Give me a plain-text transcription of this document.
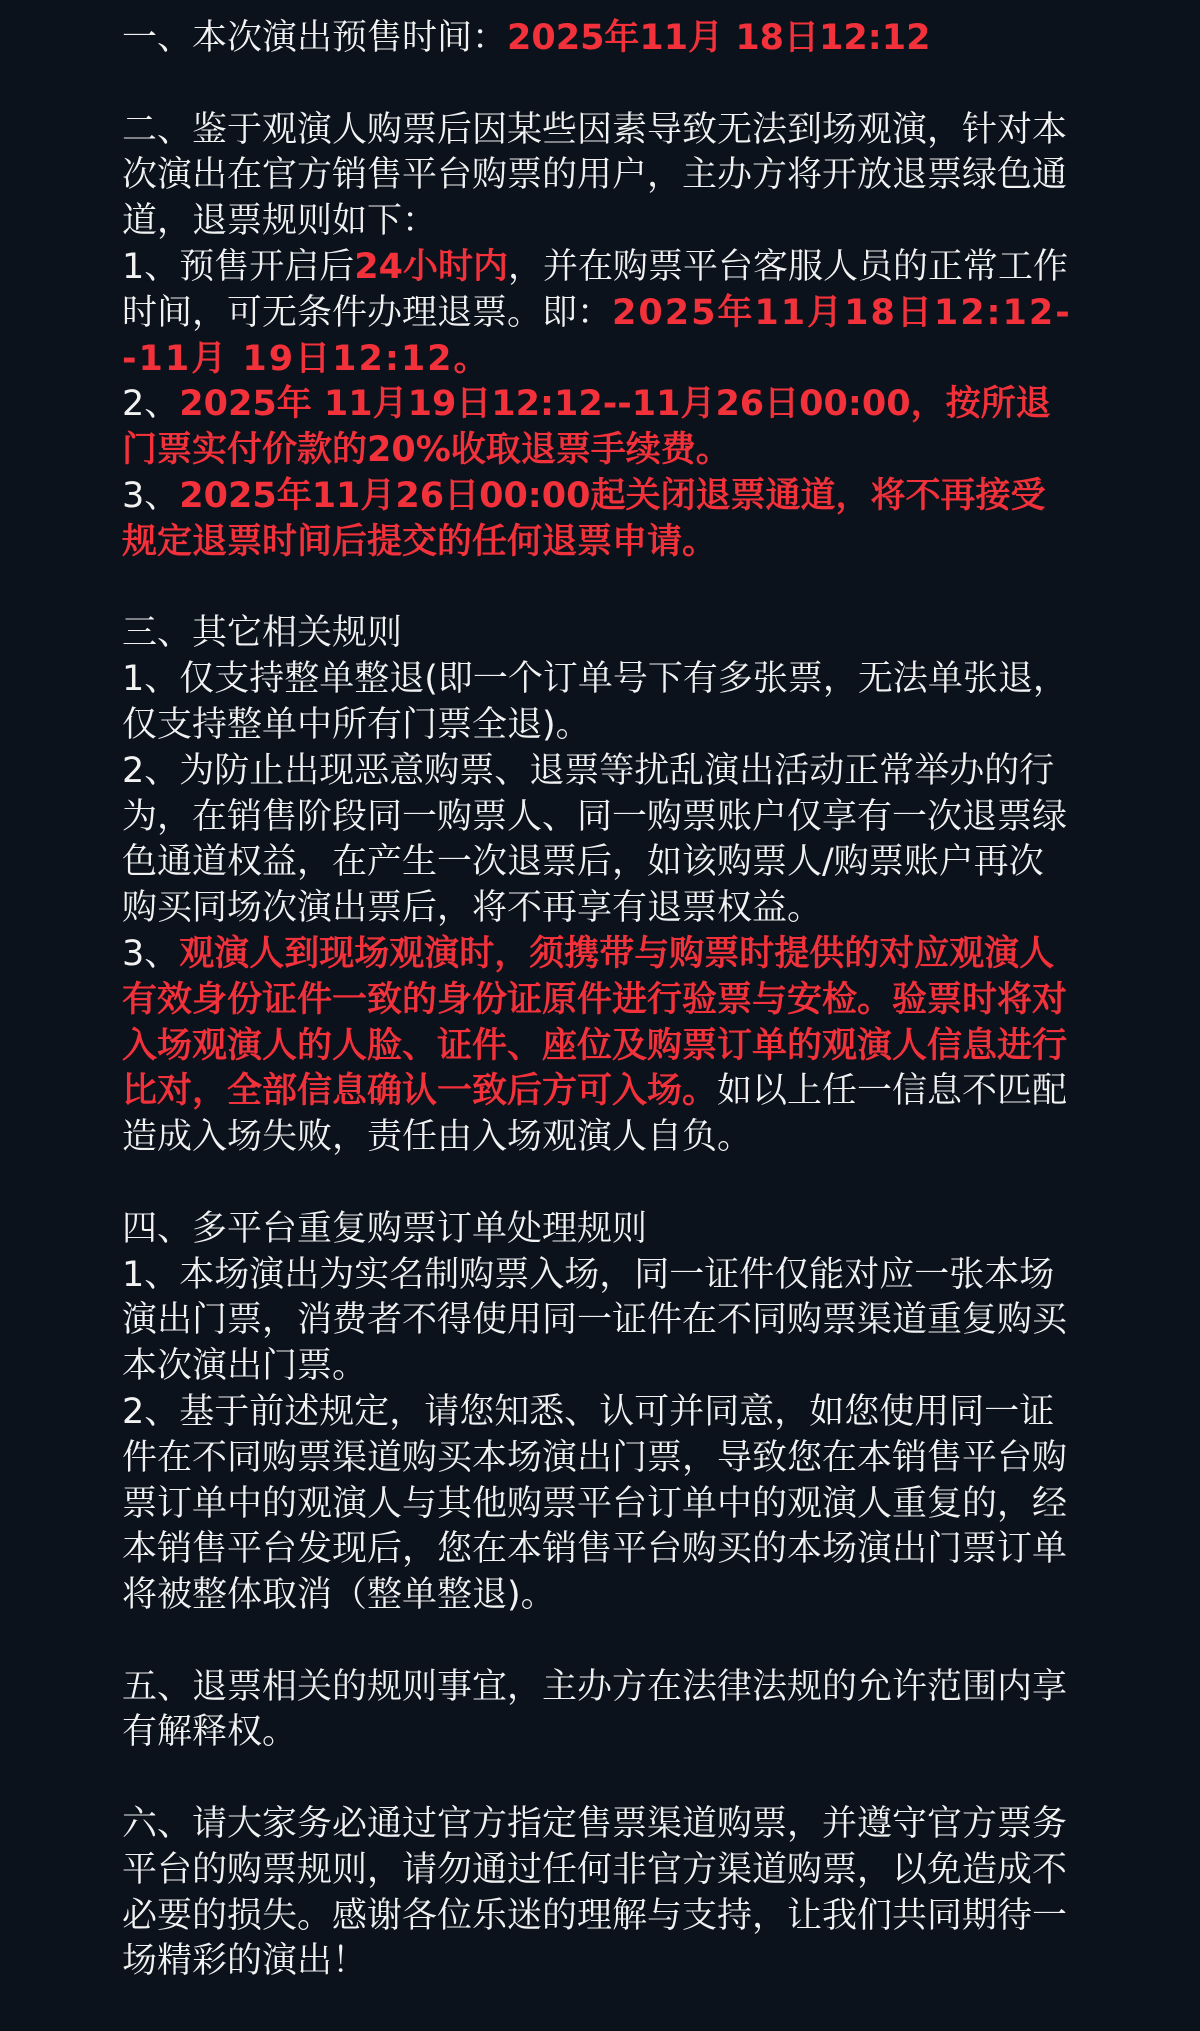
一、本次演出预售时间：2025年11月 18日12:12
二、鉴于观演人购票后因某些因素导致无法到场观演，针对本次演出在官方销售平台购票的用户，主办方将开放退票绿色通道，退票规则如下：
1、预售开启后24小时内，并在购票平台客服人员的正常工作时间，可无条件办理退票。即：2025年11月18日12:12--11月 19日12:12。
2、2025年 11月19日12:12--11月26日00:00，按所退门票实付价款的20%收取退票手续费。
3、2025年11月26日00:00起关闭退票通道，将不再接受规定退票时间后提交的任何退票申请。
三、其它相关规则
1、仅支持整单整退(即一个订单号下有多张票，无法单张退，仅支持整单中所有门票全退)。
2、为防止出现恶意购票、退票等扰乱演出活动正常举办的行为，在销售阶段同一购票人、同一购票账户仅享有一次退票绿色通道权益，在产生一次退票后，如该购票人/购票账户再次购买同场次演出票后，将不再享有退票权益。
3、观演人到现场观演时，须携带与购票时提供的对应观演人有效身份证件一致的身份证原件进行验票与安检。验票时将对入场观演人的人脸、证件、座位及购票订单的观演人信息进行比对，全部信息确认一致后方可入场。如以上任一信息不匹配造成入场失败，责任由入场观演人自负。
四、多平台重复购票订单处理规则
1、本场演出为实名制购票入场，同一证件仅能对应一张本场演出门票，消费者不得使用同一证件在不同购票渠道重复购买本次演出门票。
2、基于前述规定，请您知悉、认可并同意，如您使用同一证件在不同购票渠道购买本场演出门票，导致您在本销售平台购票订单中的观演人与其他购票平台订单中的观演人重复的，经本销售平台发现后，您在本销售平台购买的本场演出门票订单将被整体取消（整单整退)。
五、退票相关的规则事宜，主办方在法律法规的允许范围内享有解释权。
六、请大家务必通过官方指定售票渠道购票，并遵守官方票务平台的购票规则，请勿通过任何非官方渠道购票，以免造成不必要的损失。感谢各位乐迷的理解与支持，让我们共同期待一场精彩的演出！
